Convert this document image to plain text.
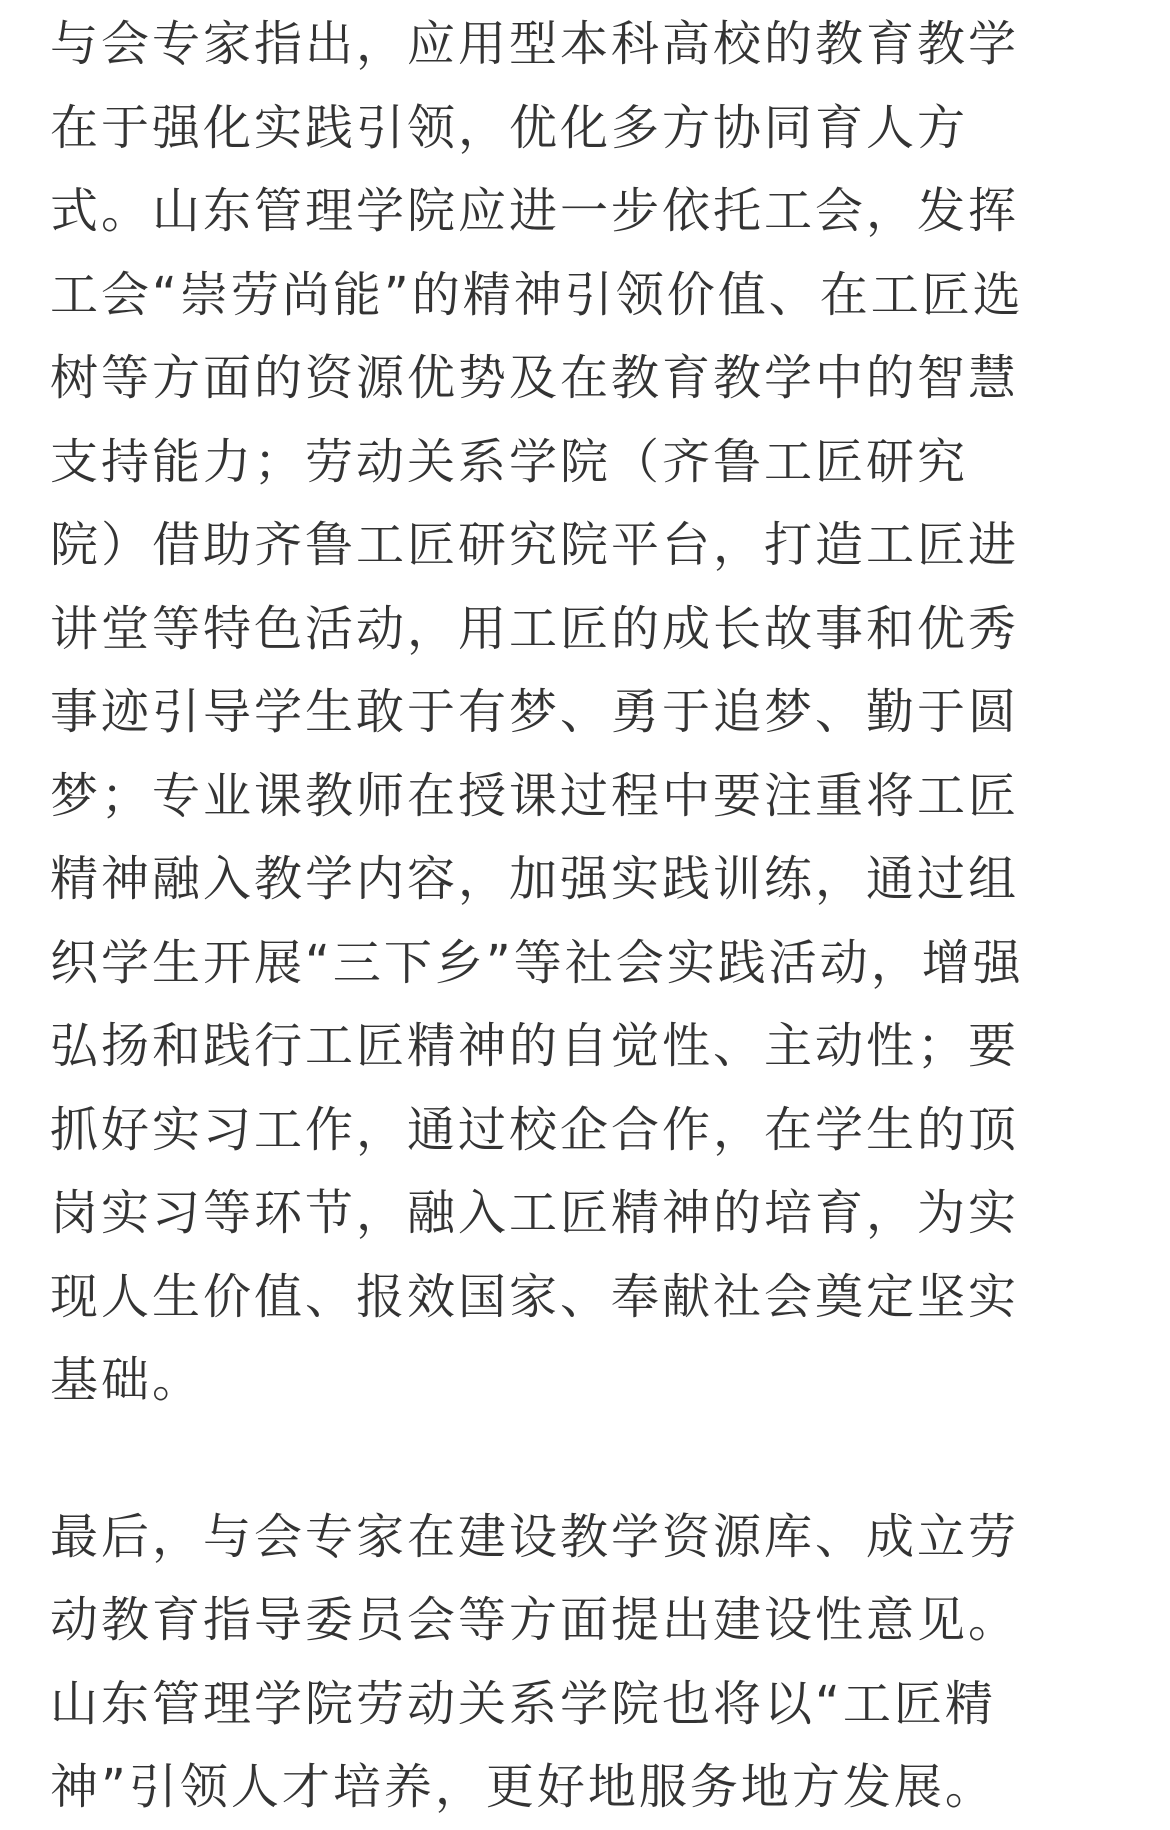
与会专家指出，应用型本科高校的教育教学
在于强化实践引领，优化多方协同育人方
式。山东管理学院应进一步依托工会，发挥
工会“崇劳尚能”的精神引领价值、在工匠选
树等方面的资源优势及在教育教学中的智慧
支持能力；劳动关系学院（齐鲁工匠研究
院）借助齐鲁工匠研究院平台，打造工匠进
讲堂等特色活动，用工匠的成长故事和优秀
事迹引导学生敢于有梦、勇于追梦、勤于圆
梦；专业课教师在授课过程中要注重将工匠
精神融入教学内容，加强实践训练，通过组
织学生开展“三下乡”等社会实践活动，增强
弘扬和践行工匠精神的自觉性、主动性；要
抓好实习工作，通过校企合作，在学生的顶
岗实习等环节，融入工匠精神的培育，为实
现人生价值、报效国家、奉献社会奠定坚实
基础。

最后，与会专家在建设教学资源库、成立劳
动教育指导委员会等方面提出建设性意见。
山东管理学院劳动关系学院也将以“工匠精
神”引领人才培养，更好地服务地方发展。
